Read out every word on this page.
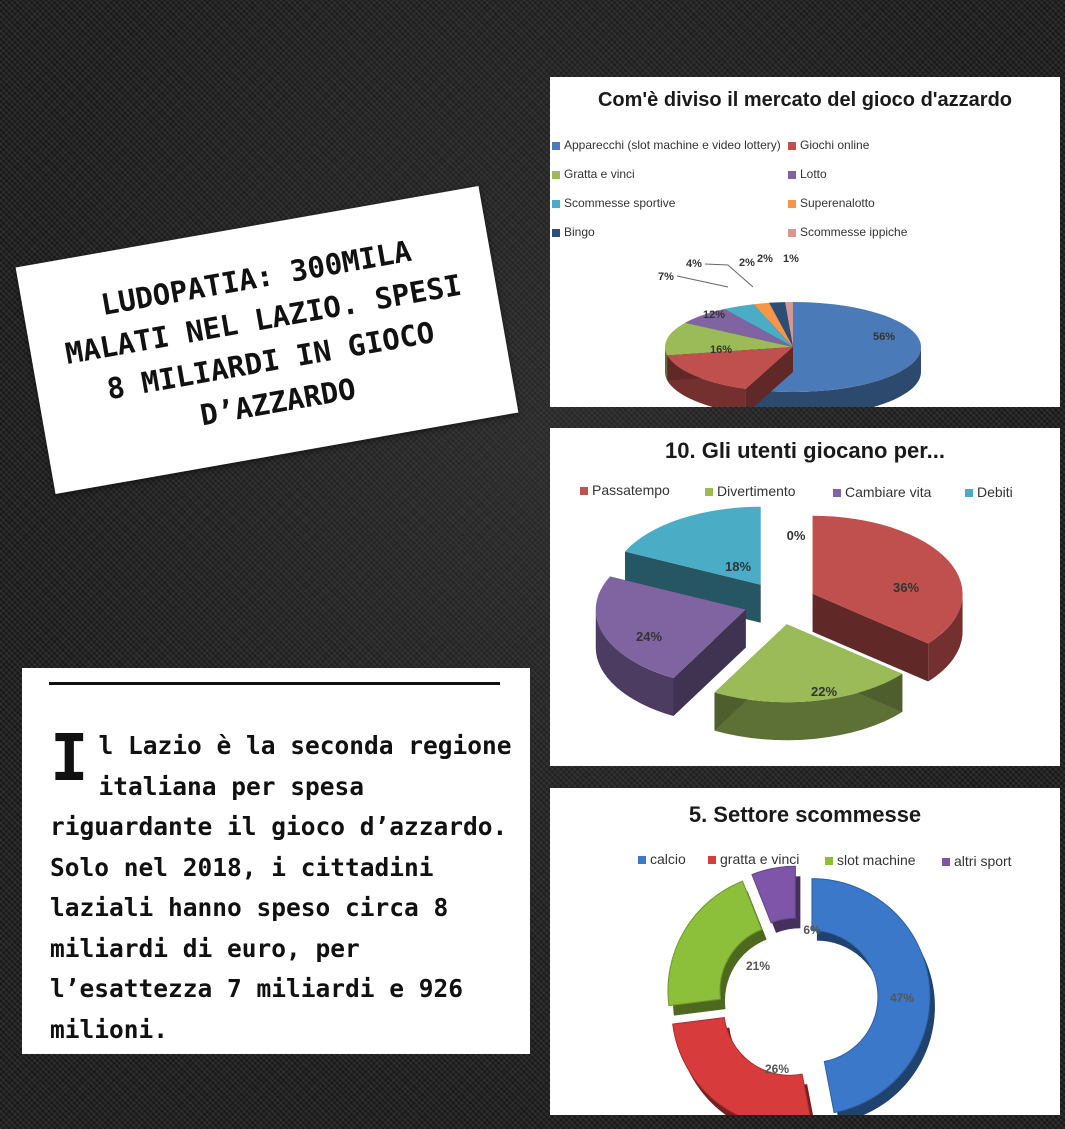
LUDOPATIA: 300MILA
MALATI NEL LAZIO. SPESI
8 MILIARDI IN GIOCO
D’AZZARDO
Il Lazio è la seconda regione italiana per spesa riguardante il gioco d’azzardo. Solo nel 2018, i cittadini laziali hanno speso circa 8 miliardi di euro, per l’esattezza 7 miliardi e 926 milioni.
Com'è diviso il mercato del gioco d'azzardo
Apparecchi (slot machine e video lottery)	Giochi online
Gratta e vinci	Lotto
Scommesse sportive	Superenalotto
Bingo	Scommesse ippiche
56%
16%
12%
7%
4%	2% 2% 1%
10. Gli utenti giocano per...
Passatempo	Divertimento	Cambiare vita	Debiti
36%
22%
24%
18%
0%
5. Settore scommesse
calcio	gratta e vinci	slot machine	altri sport
47%
26%
21%
6%
